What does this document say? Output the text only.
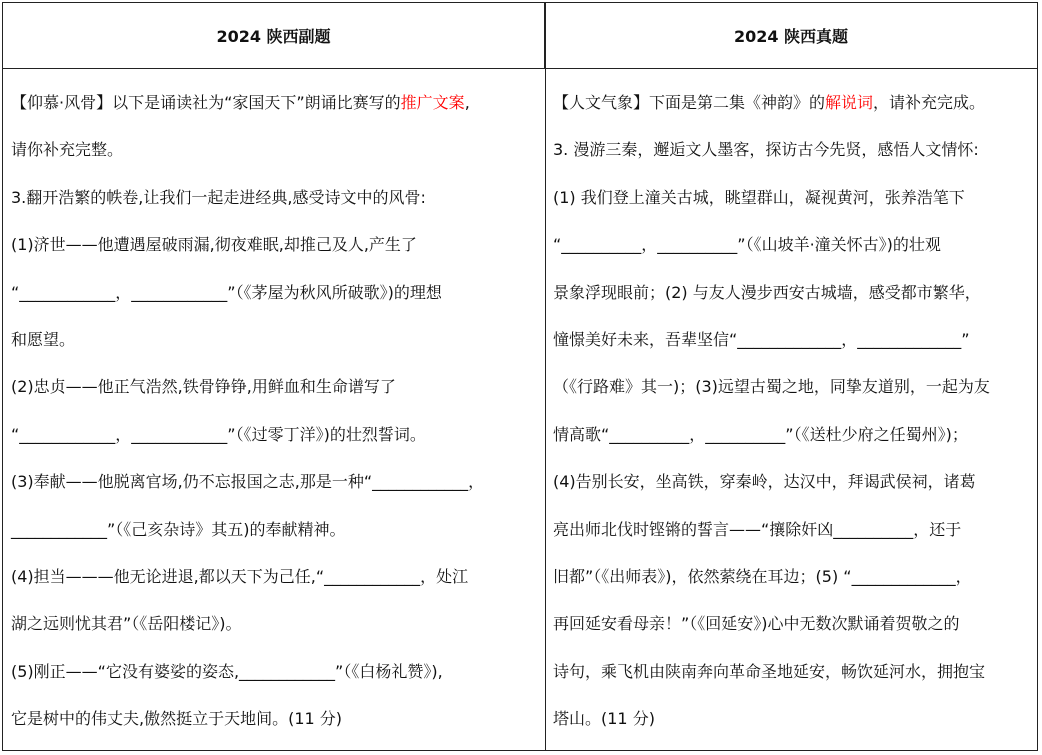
2024 陕西副题	2024 陕西真题
【仰慕·风骨】以下是诵读社为“家国天下”朗诵比赛写的推广文案,
请你补充完整。
3.翻开浩繁的帙卷,让我们一起走进经典,感受诗文中的风骨:
(1)济世——他遭遇屋破雨漏,彻夜难眠,却推己及人,产生了
“____________，____________”（《茅屋为秋风所破歌》)的理想
和愿望。
(2)忠贞——他正气浩然,铁骨铮铮,用鲜血和生命谱写了
“____________，____________”（《过零丁洋》)的壮烈誓词。
(3)奉献——他脱离官场,仍不忘报国之志,那是一种“____________，
____________”（《己亥杂诗》其五)的奉献精神。
(4)担当———他无论进退,都以天下为己任,“____________，处江
湖之远则忧其君”（《岳阳楼记》)。
(5)刚正——“它没有婆娑的姿态,____________”（《白杨礼赞》),
它是树中的伟丈夫,傲然挺立于天地间。(11 分)
【人文气象】下面是第二集《神韵》的解说词，请补充完成。
3. 漫游三秦，邂逅文人墨客，探访古今先贤，感悟人文情怀:
(1) 我们登上潼关古城，眺望群山，凝视黄河，张养浩笔下
“__________，__________”（《山坡羊·潼关怀古》)的壮观
景象浮现眼前；(2) 与友人漫步西安古城墙，感受都市繁华，
憧憬美好未来，吾辈坚信“_____________，_____________”
（《行路难》其一)；(3)远望古蜀之地，同挚友道别，一起为友
情高歌“__________，__________”（《送杜少府之任蜀州》)；
(4)告别长安，坐高铁，穿秦岭，达汉中，拜谒武侯祠，诸葛
亮出师北伐时铿锵的誓言——“攘除奸凶__________，还于
旧都”（《出师表》)，依然萦绕在耳边；(5) “_____________，
再回延安看母亲！”（《回延安》)心中无数次默诵着贺敬之的
诗句，乘飞机由陕南奔向革命圣地延安，畅饮延河水，拥抱宝
塔山。(11 分)
